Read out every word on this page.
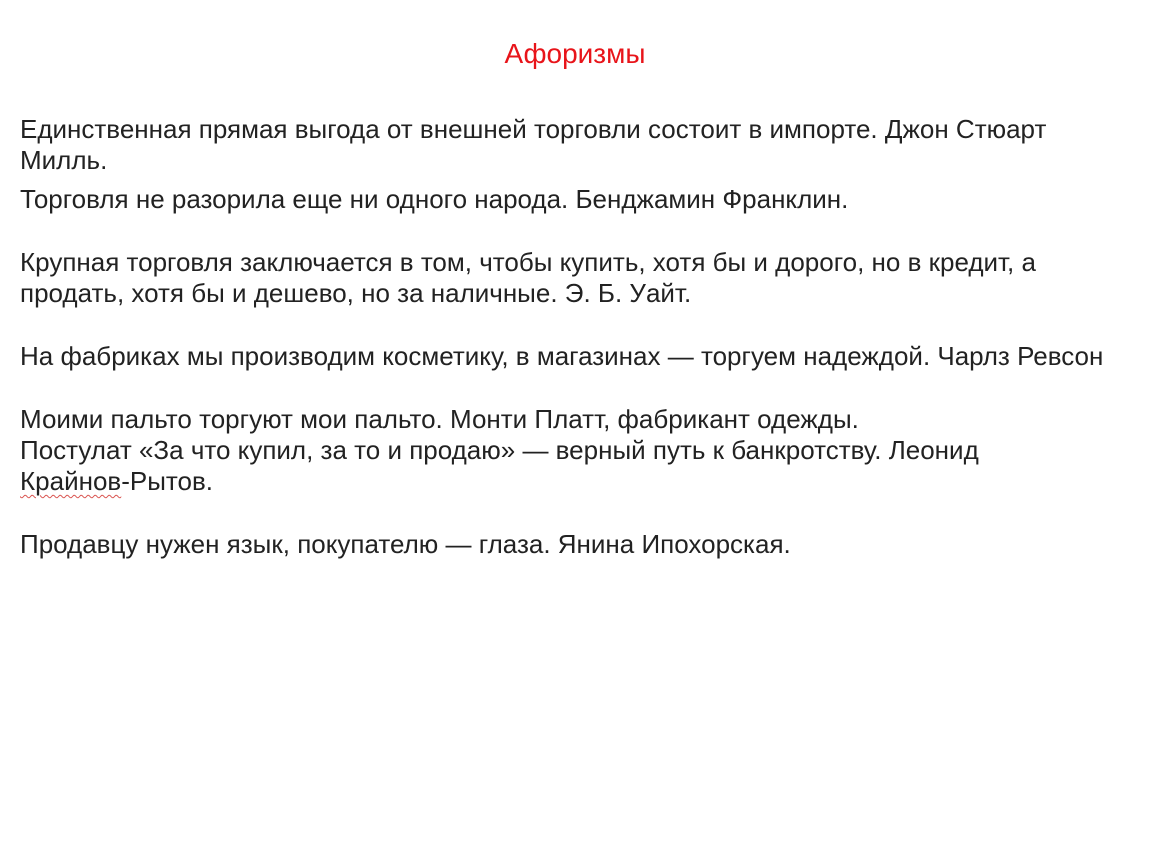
Афоризмы

Единственная прямая выгода от внешней торговли состоит в импорте. Джон Стюарт Милль.

Торговля не разорила еще ни одного народа. Бенджамин Франклин.

Крупная торговля заключается в том, чтобы купить, хотя бы и дорого, но в кредит, а продать, хотя бы и дешево, но за наличные. Э. Б. Уайт.

На фабриках мы производим косметику, в магазинах — торгуем надеждой. Чарлз Ревсон

Моими пальто торгуют мои пальто. Монти Платт, фабрикант одежды.

Постулат «За что купил, за то и продаю» — верный путь к банкротству. Леонид
Крайнов-Рытов.

Продавцу нужен язык, покупателю — глаза. Янина Ипохорская.
